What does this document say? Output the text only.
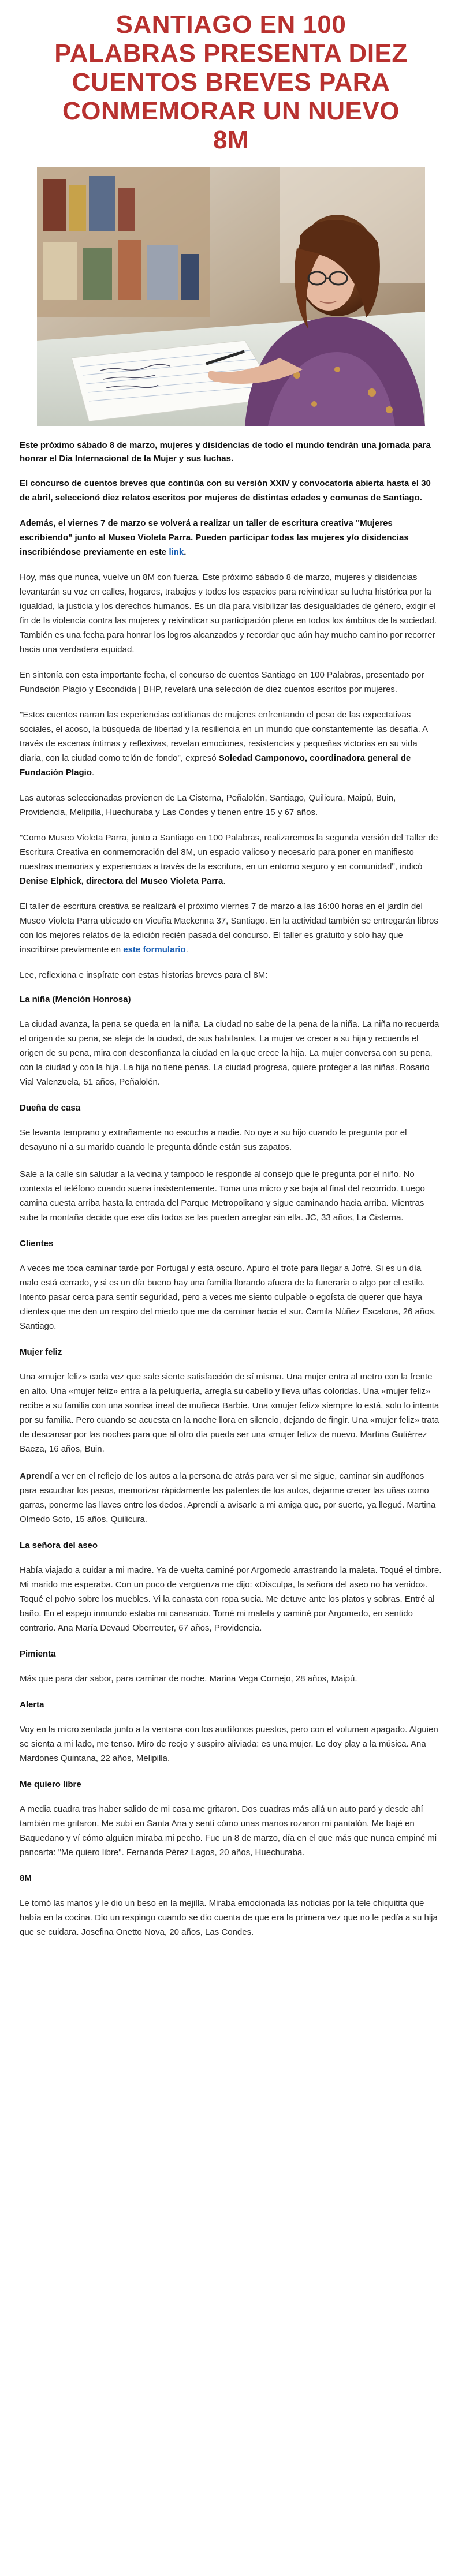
SANTIAGO EN 100 PALABRAS PRESENTA DIEZ CUENTOS BREVES PARA CONMEMORAR UN NUEVO 8M

Este próximo sábado 8 de marzo, mujeres y disidencias de todo el mundo tendrán una jornada para honrar el Día Internacional de la Mujer y sus luchas.

El concurso de cuentos breves que continúa con su versión XXIV y convocatoria abierta hasta el 30 de abril, seleccionó diez relatos escritos por mujeres de distintas edades y comunas de Santiago.

Además, el viernes 7 de marzo se volverá a realizar un taller de escritura creativa "Mujeres escribiendo" junto al Museo Violeta Parra. Pueden participar todas las mujeres y/o disidencias inscribiéndose previamente en este link.

Hoy, más que nunca, vuelve un 8M con fuerza. Este próximo sábado 8 de marzo, mujeres y disidencias levantarán su voz en calles, hogares, trabajos y todos los espacios para reivindicar su lucha histórica por la igualdad, la justicia y los derechos humanos. Es un día para visibilizar las desigualdades de género, exigir el fin de la violencia contra las mujeres y reivindicar su participación plena en todos los ámbitos de la sociedad. También es una fecha para honrar los logros alcanzados y recordar que aún hay mucho camino por recorrer hacia una verdadera equidad.

En sintonía con esta importante fecha, el concurso de cuentos Santiago en 100 Palabras, presentado por Fundación Plagio y Escondida | BHP, revelará una selección de diez cuentos escritos por mujeres.

"Estos cuentos narran las experiencias cotidianas de mujeres enfrentando el peso de las expectativas sociales, el acoso, la búsqueda de libertad y la resiliencia en un mundo que constantemente las desafía. A través de escenas íntimas y reflexivas, revelan emociones, resistencias y pequeñas victorias en su vida diaria, con la ciudad como telón de fondo", expresó Soledad Camponovo, coordinadora general de Fundación Plagio.

Las autoras seleccionadas provienen de La Cisterna, Peñalolén, Santiago, Quilicura, Maipú, Buin, Providencia, Melipilla, Huechuraba y Las Condes y tienen entre 15 y 67 años.

"Como Museo Violeta Parra, junto a Santiago en 100 Palabras, realizaremos la segunda versión del Taller de Escritura Creativa en conmemoración del 8M, un espacio valioso y necesario para poner en manifiesto nuestras memorias y experiencias a través de la escritura, en un entorno seguro y en comunidad", indicó Denise Elphick, directora del Museo Violeta Parra.

El taller de escritura creativa se realizará el próximo viernes 7 de marzo a las 16:00 horas en el jardín del Museo Violeta Parra ubicado en Vicuña Mackenna 37, Santiago. En la actividad también se entregarán libros con los mejores relatos de la edición recién pasada del concurso. El taller es gratuito y solo hay que inscribirse previamente en este formulario.

Lee, reflexiona e inspírate con estas historias breves para el 8M:

La niña (Mención Honrosa)

La ciudad avanza, la pena se queda en la niña. La ciudad no sabe de la pena de la niña. La niña no recuerda el origen de su pena, se aleja de la ciudad, de sus habitantes. La mujer ve crecer a su hija y recuerda el origen de su pena, mira con desconfianza la ciudad en la que crece la hija. La mujer conversa con su pena, con la ciudad y con la hija. La hija no tiene penas. La ciudad progresa, quiere proteger a las niñas. Rosario Vial Valenzuela, 51 años, Peñalolén.

Dueña de casa

Se levanta temprano y extrañamente no escucha a nadie. No oye a su hijo cuando le pregunta por el desayuno ni a su marido cuando le pregunta dónde están sus zapatos.

Sale a la calle sin saludar a la vecina y tampoco le responde al consejo que le pregunta por el niño. No contesta el teléfono cuando suena insistentemente. Toma una micro y se baja al final del recorrido. Luego camina cuesta arriba hasta la entrada del Parque Metropolitano y sigue caminando hacia arriba. Mientras sube la montaña decide que ese día todos se las pueden arreglar sin ella. JC, 33 años, La Cisterna.

Clientes

A veces me toca caminar tarde por Portugal y está oscuro. Apuro el trote para llegar a Jofré. Si es un día malo está cerrado, y si es un día bueno hay una familia llorando afuera de la funeraria o algo por el estilo. Intento pasar cerca para sentir seguridad, pero a veces me siento culpable o egoísta de querer que haya clientes que me den un respiro del miedo que me da caminar hacia el sur. Camila Núñez Escalona, 26 años, Santiago.

Mujer feliz

Una «mujer feliz» cada vez que sale siente satisfacción de sí misma. Una mujer entra al metro con la frente en alto. Una «mujer feliz» entra a la peluquería, arregla su cabello y lleva uñas coloridas. Una «mujer feliz» recibe a su familia con una sonrisa irreal de muñeca Barbie. Una «mujer feliz» siempre lo está, solo lo intenta por su familia. Pero cuando se acuesta en la noche llora en silencio, dejando de fingir. Una «mujer feliz» trata de descansar por las noches para que al otro día pueda ser una «mujer feliz» de nuevo. Martina Gutiérrez Baeza, 16 años, Buin.

Aprendí a ver en el reflejo de los autos a la persona de atrás para ver si me sigue, caminar sin audífonos para escuchar los pasos, memorizar rápidamente las patentes de los autos, dejarme crecer las uñas como garras, ponerme las llaves entre los dedos. Aprendí a avisarle a mi amiga que, por suerte, ya llegué. Martina Olmedo Soto, 15 años, Quilicura.

La señora del aseo

Había viajado a cuidar a mi madre. Ya de vuelta caminé por Argomedo arrastrando la maleta. Toqué el timbre. Mi marido me esperaba. Con un poco de vergüenza me dijo: «Disculpa, la señora del aseo no ha venido». Toqué el polvo sobre los muebles. Vi la canasta con ropa sucia. Me detuve ante los platos y sobras. Entré al baño. En el espejo inmundo estaba mi cansancio. Tomé mi maleta y caminé por Argomedo, en sentido contrario. Ana María Devaud Oberreuter, 67 años, Providencia.

Pimienta

Más que para dar sabor, para caminar de noche. Marina Vega Cornejo, 28 años, Maipú.

Alerta

Voy en la micro sentada junto a la ventana con los audífonos puestos, pero con el volumen apagado. Alguien se sienta a mi lado, me tenso. Miro de reojo y suspiro aliviada: es una mujer. Le doy play a la música. Ana Mardones Quintana, 22 años, Melipilla.

Me quiero libre

A media cuadra tras haber salido de mi casa me gritaron. Dos cuadras más allá un auto paró y desde ahí también me gritaron. Me subí en Santa Ana y sentí cómo unas manos rozaron mi pantalón. Me bajé en Baquedano y ví cómo alguien miraba mi pecho. Fue un 8 de marzo, día en el que más que nunca empiné mi pancarta: "Me quiero libre". Fernanda Pérez Lagos, 20 años, Huechuraba.

8M

Le tomó las manos y le dio un beso en la mejilla. Miraba emocionada las noticias por la tele chiquitita que había en la cocina. Dio un respingo cuando se dio cuenta de que era la primera vez que no le pedía a su hija que se cuidara. Josefina Onetto Nova, 20 años, Las Condes.
